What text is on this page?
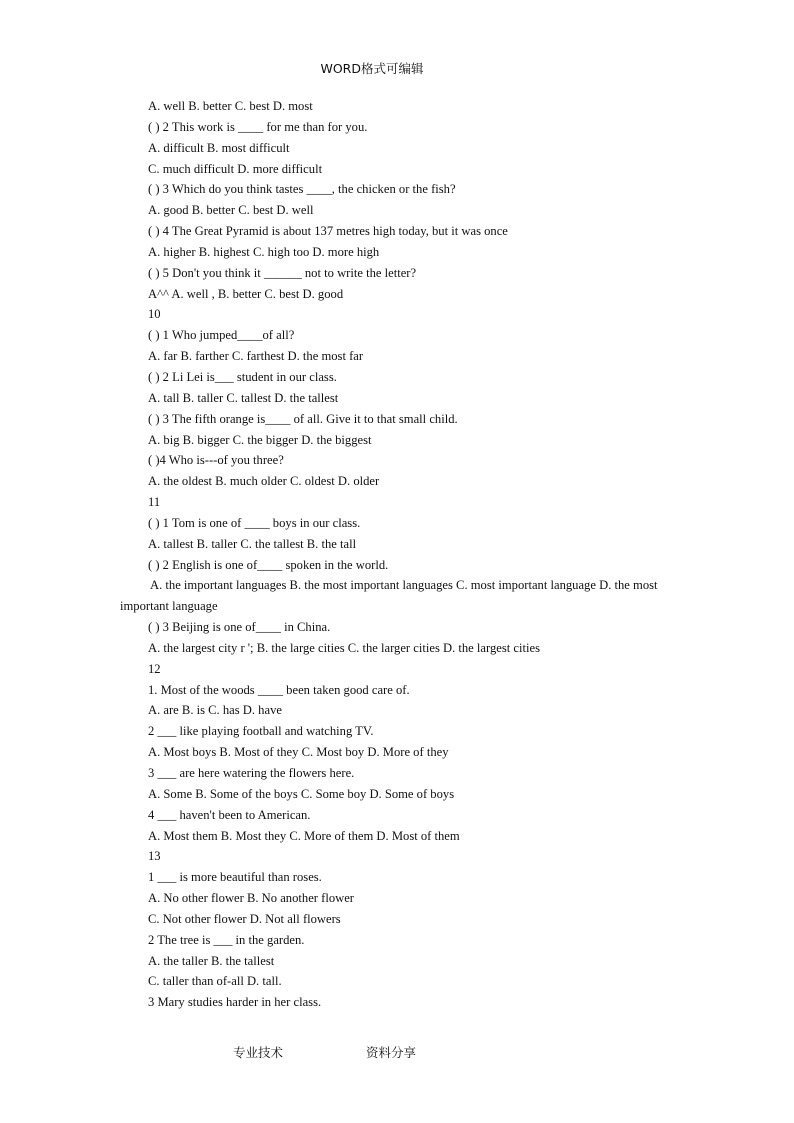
WORD格式可编辑
A. well B. better C. best D. most
( ) 2 This work is ____ for me than for you.
A. difficult B. most difficult
C. much difficult D. more difficult
( ) 3 Which do you think tastes ____, the chicken or the fish?
A. good B. better C. best D. well
( ) 4 The Great Pyramid is about 137 metres high today, but it was once
A. higher B. highest C. high too D. more high
( ) 5 Don't you think it ______ not to write the letter?
A^^ A. well , B. better C. best D. good
10
( ) 1 Who jumped____of all?
A. far B. farther C. farthest D. the most far
( ) 2 Li Lei is___ student in our class.
A. tall B. taller C. tallest D. the tallest
( ) 3 The fifth orange is____ of all. Give it to that small child.
A. big B. bigger C. the bigger D. the biggest
( )4 Who is---of you three?
A. the oldest B. much older C. oldest D. older
11
( ) 1 Tom is one of ____ boys in our class.
A. tallest B. taller C. the tallest B. the tall
( ) 2 English is one of____ spoken in the world.
A. the important languages B. the most important languages C. most important language D. the most important language
( ) 3 Beijing is one of____ in China.
A. the largest city r '; B. the large cities C. the larger cities D. the largest cities
12
1. Most of the woods ____ been taken good care of.
A. are B. is C. has D. have
2 ___ like playing football and watching TV.
A. Most boys B. Most of they C. Most boy D. More of they
3 ___ are here watering the flowers here.
A. Some B. Some of the boys C. Some boy D. Some of boys
4 ___ haven't been to American.
A. Most them B. Most they C. More of them D. Most of them
13
1 ___ is more beautiful than roses.
A. No other flower B. No another flower
C. Not other flower D. Not all flowers
2 The tree is ___ in the garden.
A. the taller B. the tallest
C. taller than of-all D. tall.
3 Mary studies harder in her class.
专业技术	资料分享
